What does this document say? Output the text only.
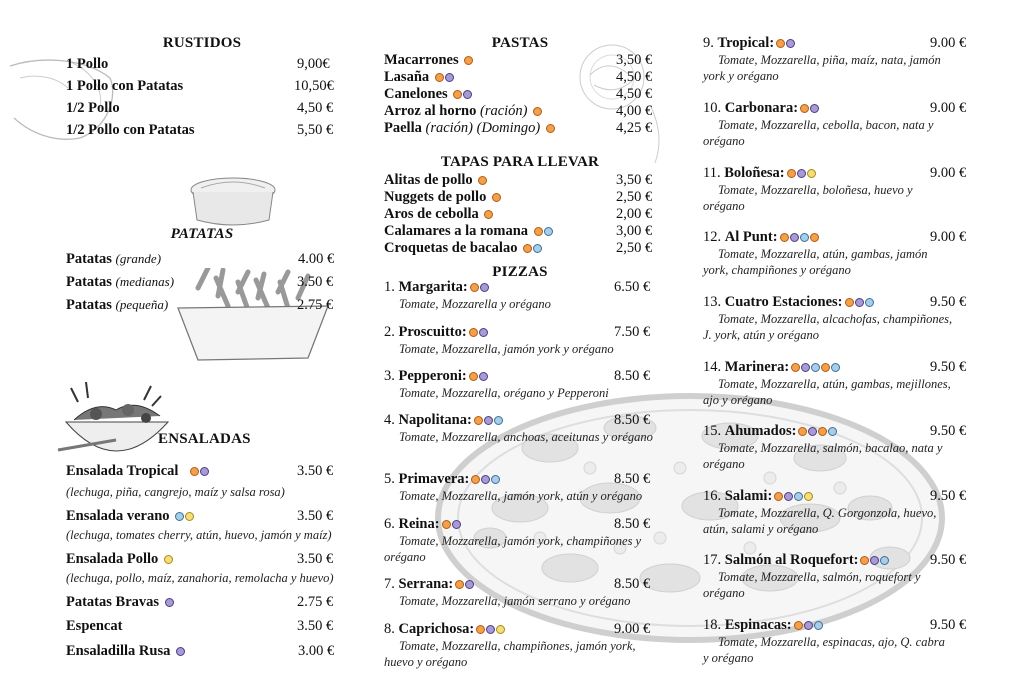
RUSTIDOS
1 Pollo	9,00€
1 Pollo con Patatas	10,50€
1/2 Pollo	4,50 €
1/2 Pollo con Patatas	5,50 €
PATATAS
Patatas (grande)	4.00 €
Patatas (medianas)	3.50 €
Patatas (pequeña)	2.75 €
ENSALADAS
Ensalada Tropical	3.50 €
(lechuga, piña, cangrejo, maíz y salsa rosa)
Ensalada verano	3.50 €
(lechuga, tomates cherry, atún, huevo, jamón y maíz)
Ensalada Pollo	3.50 €
(lechuga, pollo, maíz, zanahoria, remolacha y huevo)
Patatas Bravas	2.75 €
Espencat	3.50 €
Ensaladilla Rusa	3.00 €
PASTAS
Macarrones	3,50 €
Lasaña	4,50 €
Canelones	4,50 €
Arroz al horno (ración)	4,00 €
Paella (ración) (Domingo)	4,25 €
TAPAS PARA LLEVAR
Alitas de pollo	3,50 €
Nuggets de pollo	2,50 €
Aros de cebolla	2,00 €
Calamares a la romana	3,00 €
Croquetas de bacalao	2,50 €
PIZZAS
1. Margarita:	6.50 €
Tomate, Mozzarella y orégano
2. Proscuitto:	7.50 €
Tomate, Mozzarella, jamón york y orégano
3. Pepperoni:	8.50 €
Tomate, Mozzarella, orégano y Pepperoni
4. Napolitana:	8.50 €
Tomate, Mozzarella, anchoas, aceitunas y orégano
5. Primavera:	8.50 €
Tomate, Mozzarella, jamón york, atún y orégano
6. Reina:	8.50 €
Tomate, Mozzarella, jamón york, champiñones y orégano
7. Serrana:	8.50 €
Tomate, Mozzarella, jamón serrano y orégano
8. Caprichosa:	9.00 €
Tomate, Mozzarella, champiñones, jamón york, huevo y orégano
9. Tropical:	9.00 €
Tomate, Mozzarella, piña, maíz, nata, jamón york y orégano
10. Carbonara:	9.00 €
Tomate, Mozzarella, cebolla, bacon, nata y orégano
11. Boloñesa:	9.00 €
Tomate, Mozzarella, boloñesa, huevo y orégano
12. Al Punt:	9.00 €
Tomate, Mozzarella, atún, gambas, jamón york, champiñones y orégano
13. Cuatro Estaciones:	9.50 €
Tomate, Mozzarella, alcachofas, champiñones, J. york, atún y orégano
14. Marinera:	9.50 €
Tomate, Mozzarella, atún, gambas, mejillones, ajo y orégano
15. Ahumados:	9.50 €
Tomate, Mozzarella, salmón, bacalao, nata y orégano
16. Salami:	9.50 €
Tomate, Mozzarella, Q. Gorgonzola, huevo, atún, salami y orégano
17. Salmón al Roquefort:	9.50 €
Tomate, Mozzarella, salmón, roquefort y orégano
18. Espinacas:	9.50 €
Tomate, Mozzarella, espinacas, ajo, Q. cabra y orégano
